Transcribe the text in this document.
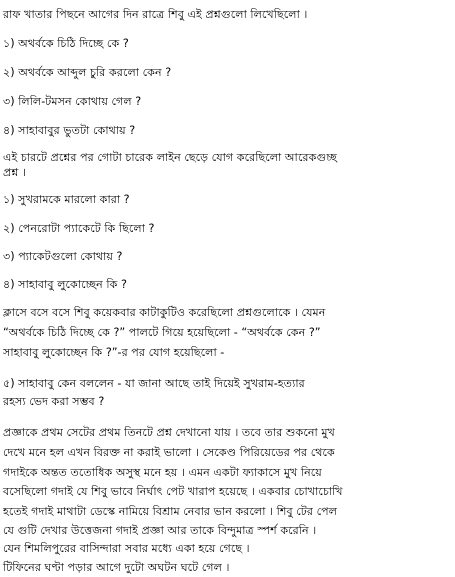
রাফ খাতার পিছনে আগের দিন রাত্রে শিবু এই প্রশ্নগুলো লিখেছিলো ।
১) অথর্বকে চিঠি দিচ্ছে কে ?
২) অথর্বকে আব্দুল চুরি করলো কেন ?
৩) লিলি-টমসন কোথায় গেল ?
৪) সাহাবাবুর ভুতটা কোথায় ?
এই চারটে প্রশ্নের পর গোটা চারেক লাইন ছেড়ে যোগ করেছিলো আরেকগুচ্ছ
প্রশ্ন ।
১) সুখরামকে মারলো কারা ?
২) পেনরোটা প্যাকেটে কি ছিলো ?
৩) প্যাকেটগুলো কোথায় ?
৪) সাহাবাবু লুকোচ্ছেন কি ?
ক্লাসে বসে বসে শিবু কয়েকবার কাটাকুটিও করেছিলো প্রশ্নগুলোকে । যেমন
“অথর্বকে চিঠি দিচ্ছে কে ?” পালটে গিয়ে হয়েছিলো - “অথর্বকে কেন ?”
সাহাবাবু লুকোচ্ছেন কি ?”-র পর যোগ হয়েছিলো -
৫) সাহাবাবু কেন বললেন - যা জানা আছে তাই দিয়েই সুখরাম-হত্যার
রহস্য ভেদ করা সম্ভব ?
প্রজ্ঞাকে প্রথম সেটের প্রথম তিনটে প্রশ্ন দেখানো যায় । তবে তার শুকনো মুখ
দেখে মনে হল এখন বিরক্ত না করাই ভালো । সেকেণ্ড পিরিয়েডের পর থেকে
গদাইকে অন্তত ততোধিক অসুস্থ মনে হয় । এমন একটা ফ্যাকাসে মুখ নিয়ে
বসেছিলো গদাই যে শিবু ভাবে নির্ঘাৎ পেট খারাপ হয়েছে । একবার চোখাচোখি
হতেই গদাই মাথাটা ডেস্কে নামিয়ে বিশ্রাম নেবার ভান করলো । শিবু টের পেল
যে গুটি দেখার উত্তেজনা গদাই প্রজ্ঞা আর তাকে বিন্দুমাত্র স্পর্শ করেনি ।
যেন শিমলিপুরের বাসিন্দারা সবার মধ্যে একা হয়ে গেছে ।
টিফিনের ঘণ্টা পড়ার আগে দুটো অঘটন ঘটে গেল ।
